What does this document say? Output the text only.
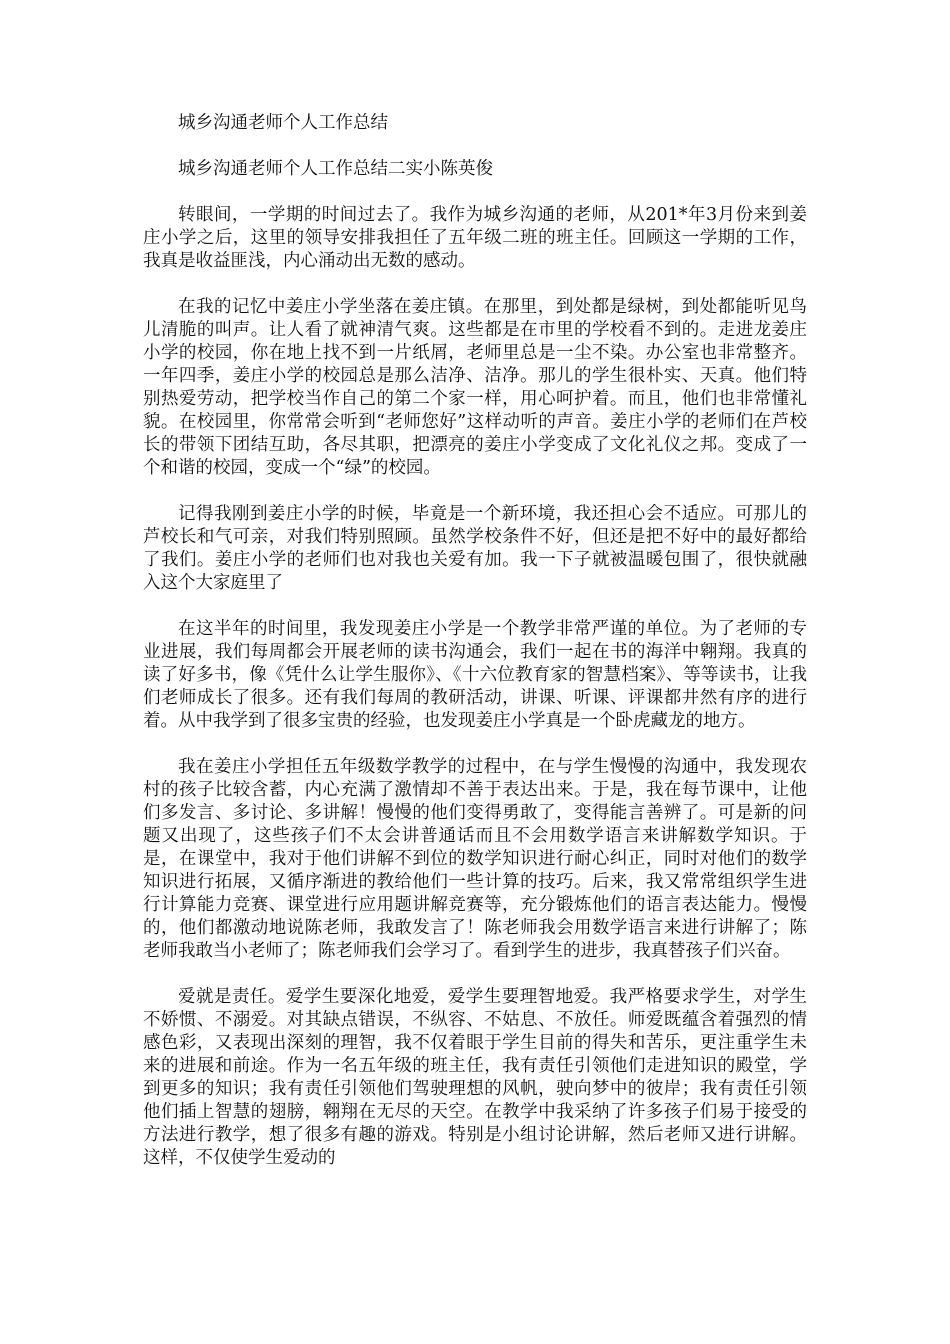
城乡沟通老师个人工作总结

城乡沟通老师个人工作总结二实小陈英俊

转眼间，一学期的时间过去了。我作为城乡沟通的老师，从201*年3月份来到姜庄小学之后，这里的领导安排我担任了五年级二班的班主任。回顾这一学期的工作，我真是收益匪浅，内心涌动出无数的感动。

在我的记忆中姜庄小学坐落在姜庄镇。在那里，到处都是绿树，到处都能听见鸟儿清脆的叫声。让人看了就神清气爽。这些都是在市里的学校看不到的。走进龙姜庄小学的校园，你在地上找不到一片纸屑，老师里总是一尘不染。办公室也非常整齐。一年四季，姜庄小学的校园总是那么洁净、洁净。那儿的学生很朴实、天真。他们特别热爱劳动，把学校当作自己的第二个家一样，用心呵护着。而且，他们也非常懂礼貌。在校园里，你常常会听到“老师您好”这样动听的声音。姜庄小学的老师们在芦校长的带领下团结互助，各尽其职，把漂亮的姜庄小学变成了文化礼仪之邦。变成了一个和谐的校园，变成一个“绿”的校园。

记得我刚到姜庄小学的时候，毕竟是一个新环境，我还担心会不适应。可那儿的芦校长和气可亲，对我们特别照顾。虽然学校条件不好，但还是把不好中的最好都给了我们。姜庄小学的老师们也对我也关爱有加。我一下子就被温暖包围了，很快就融入这个大家庭里了

在这半年的时间里，我发现姜庄小学是一个教学非常严谨的单位。为了老师的专业进展，我们每周都会开展老师的读书沟通会，我们一起在书的海洋中翱翔。我真的读了好多书，像《凭什么让学生服你》、《十六位教育家的智慧档案》、等等读书，让我们老师成长了很多。还有我们每周的教研活动，讲课、听课、评课都井然有序的进行着。从中我学到了很多宝贵的经验，也发现姜庄小学真是一个卧虎藏龙的地方。

我在姜庄小学担任五年级数学教学的过程中，在与学生慢慢的沟通中，我发现农村的孩子比较含蓄，内心充满了激情却不善于表达出来。于是，我在每节课中，让他们多发言、多讨论、多讲解！慢慢的他们变得勇敢了，变得能言善辨了。可是新的问题又出现了，这些孩子们不太会讲普通话而且不会用数学语言来讲解数学知识。于是，在课堂中，我对于他们讲解不到位的数学知识进行耐心纠正，同时对他们的数学知识进行拓展，又循序渐进的教给他们一些计算的技巧。后来，我又常常组织学生进行计算能力竞赛、课堂进行应用题讲解竞赛等，充分锻炼他们的语言表达能力。慢慢的，他们都激动地说陈老师，我敢发言了！陈老师我会用数学语言来进行讲解了；陈老师我敢当小老师了；陈老师我们会学习了。看到学生的进步，我真替孩子们兴奋。

爱就是责任。爱学生要深化地爱，爱学生要理智地爱。我严格要求学生，对学生不娇惯、不溺爱。对其缺点错误，不纵容、不姑息、不放任。师爱既蕴含着强烈的情感色彩，又表现出深刻的理智，我不仅着眼于学生目前的得失和苦乐，更注重学生未来的进展和前途。作为一名五年级的班主任，我有责任引领他们走进知识的殿堂，学到更多的知识；我有责任引领他们驾驶理想的风帆，驶向梦中的彼岸；我有责任引领他们插上智慧的翅膀，翱翔在无尽的天空。在教学中我采纳了许多孩子们易于接受的方法进行教学，想了很多有趣的游戏。特别是小组讨论讲解，然后老师又进行讲解。这样，不仅使学生爱动的
